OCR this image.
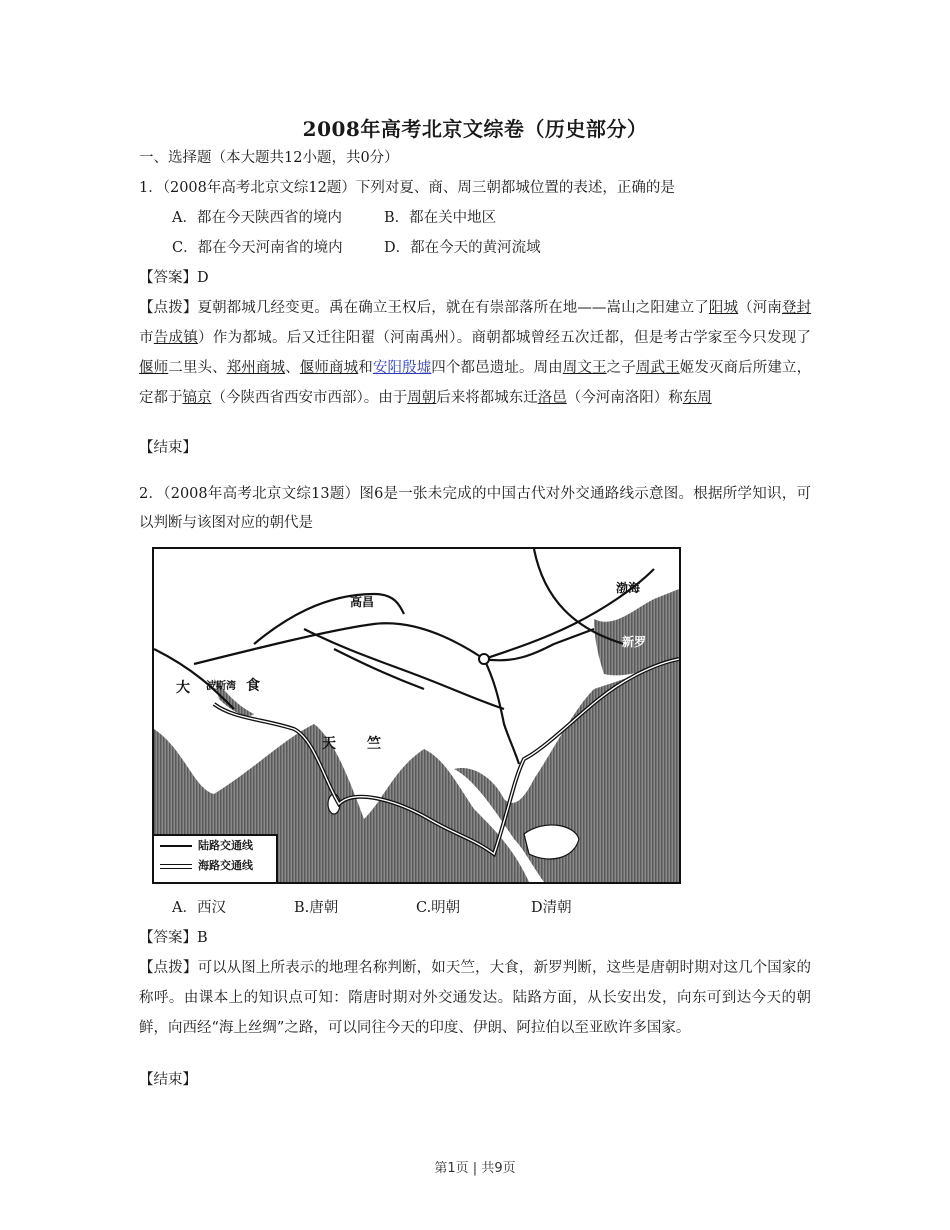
2008年高考北京文综卷（历史部分）
一、选择题（本大题共12小题，共0分）
1．（2008年高考北京文综12题）下列对夏、商、周三朝都城位置的表述，正确的是
A．都在今天陕西省的境内	B．都在关中地区
C．都在今天河南省的境内	D．都在今天的黄河流域
【答案】D
【点拨】夏朝都城几经变更。禹在确立王权后，就在有崇部落所在地——嵩山之阳建立了阳城（河南登封市告成镇）作为都城。后又迁往阳翟（河南禹州）。商朝都城曾经五次迁都，但是考古学家至今只发现了偃师二里头、郑州商城、偃师商城和安阳殷墟四个都邑遗址。周由周文王之子周武王姬发灭商后所建立，定都于镐京（今陕西省西安市西部）。由于周朝后来将都城东迁洛邑（今河南洛阳）称东周
【结束】
2．（2008年高考北京文综13题）图6是一张未完成的中国古代对外交通路线示意图。根据所学知识，可以判断与该图对应的朝代是
高昌
大	食
波斯湾
天 竺
渤海
新罗
陆路交通线
海路交通线
A．西汉	B.唐朝	C.明朝	D清朝
【答案】B
【点拨】可以从图上所表示的地理名称判断，如天竺，大食，新罗判断，这些是唐朝时期对这几个国家的称呼。由课本上的知识点可知：隋唐时期对外交通发达。陆路方面，从长安出发，向东可到达今天的朝鲜，向西经“海上丝绸”之路，可以同往今天的印度、伊朗、阿拉伯以至亚欧许多国家。
【结束】
第1页 | 共9页
